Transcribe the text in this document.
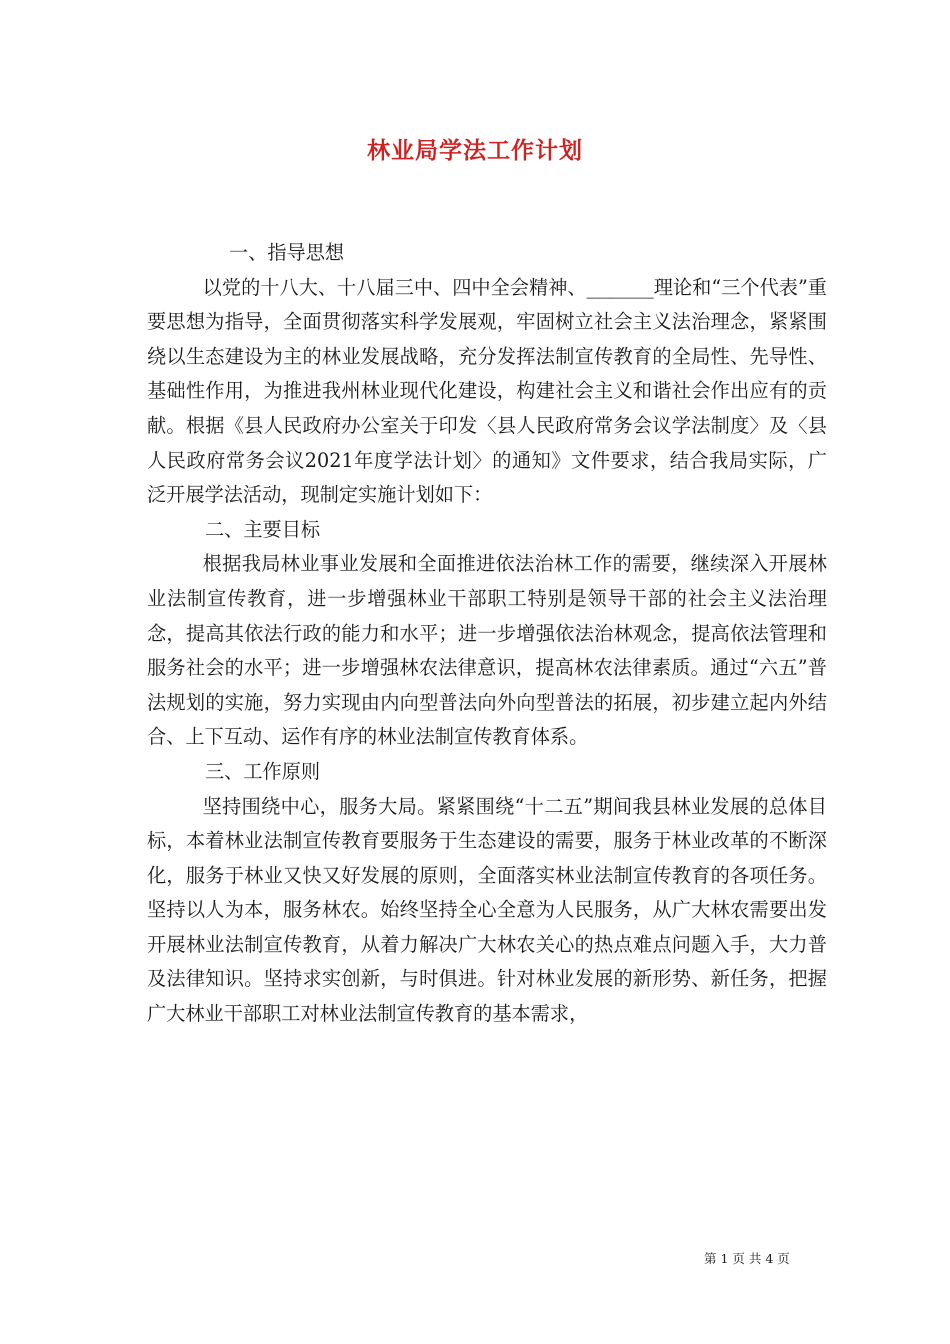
林业局学法工作计划

一、指导思想

以党的十八大、十八届三中、四中全会精神、_______理论和“三个代表”重要思想为指导，全面贯彻落实科学发展观，牢固树立社会主义法治理念，紧紧围绕以生态建设为主的林业发展战略，充分发挥法制宣传教育的全局性、先导性、基础性作用，为推进我州林业现代化建设，构建社会主义和谐社会作出应有的贡献。根据《县人民政府办公室关于印发〈县人民政府常务会议学法制度〉及〈县人民政府常务会议2021年度学法计划〉的通知》文件要求，结合我局实际，广泛开展学法活动，现制定实施计划如下：

二、主要目标

根据我局林业事业发展和全面推进依法治林工作的需要，继续深入开展林业法制宣传教育，进一步增强林业干部职工特别是领导干部的社会主义法治理念，提高其依法行政的能力和水平；进一步增强依法治林观念，提高依法管理和服务社会的水平；进一步增强林农法律意识，提高林农法律素质。通过“六五”普法规划的实施，努力实现由内向型普法向外向型普法的拓展，初步建立起内外结合、上下互动、运作有序的林业法制宣传教育体系。

三、工作原则

坚持围绕中心，服务大局。紧紧围绕“十二五”期间我县林业发展的总体目标，本着林业法制宣传教育要服务于生态建设的需要，服务于林业改革的不断深化，服务于林业又快又好发展的原则，全面落实林业法制宣传教育的各项任务。坚持以人为本，服务林农。始终坚持全心全意为人民服务，从广大林农需要出发开展林业法制宣传教育，从着力解决广大林农关心的热点难点问题入手，大力普及法律知识。坚持求实创新，与时俱进。针对林业发展的新形势、新任务，把握广大林业干部职工对林业法制宣传教育的基本需求，

第 1 页 共 4 页
